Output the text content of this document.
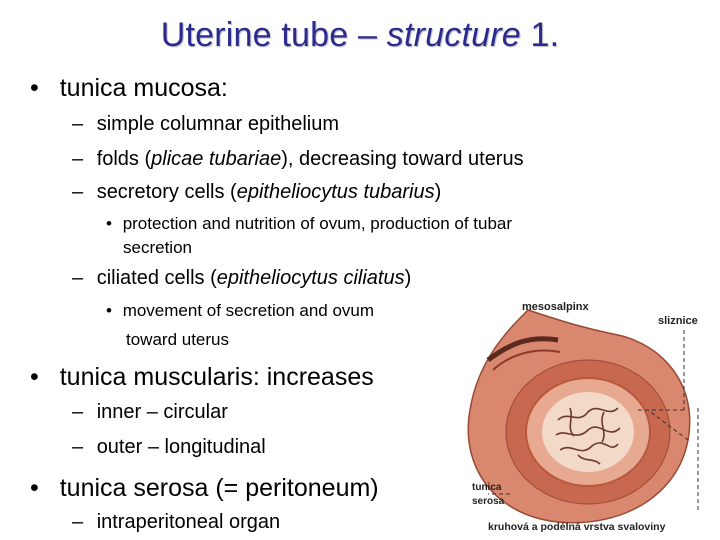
Uterine tube – structure 1.
• tunica mucosa:
– simple columnar epithelium
– folds (plicae tubariae), decreasing toward uterus
– secretory cells (epitheliocytus tubarius)
• protection and nutrition of ovum, production of tubar
secretion
– ciliated cells (epitheliocytus ciliatus)
• movement of secretion and ovum
toward uterus
• tunica muscularis: increases
– inner – circular
– outer – longitudinal
• tunica serosa (= peritoneum)
– intraperitoneal organ
mesosalpinx
sliznice
tunica
serosa
kruhová a podélná vrstva svaloviny
